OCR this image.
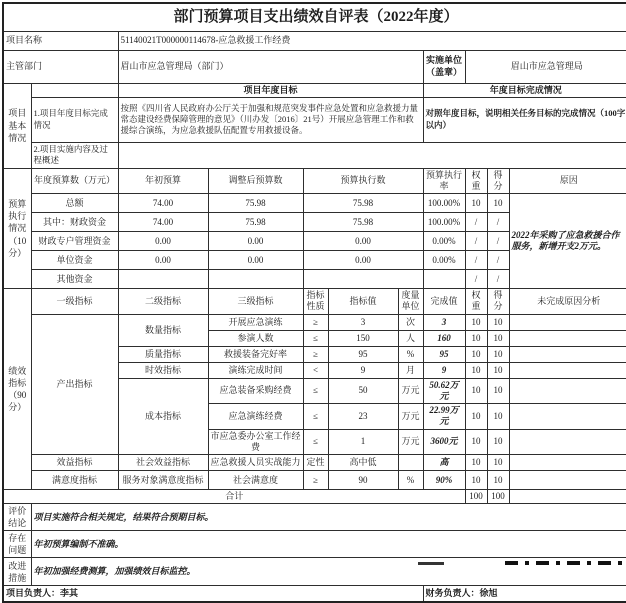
部门预算项目支出绩效自评表（2022年度）										
项目名称		51140021T000000114678-应急救援工作经费								
主管部门		眉山市应急管理局（部门）					实施单位（盖章）	眉山市应急管理局		
项目基本情况		项目年度目标					年度目标完成情况			
	1.项目年度目标完成情况	按照《四川省人民政府办公厅关于加强和规范突发事件应急处置和应急救援力量常态建设经费保障管理的意见》（川办发〔2016〕21号）开展应急管理工作和救援综合演练，为应急救援队伍配置专用救援设备。					对照年度目标，说明相关任务目标的完成情况（100字以内）			
	2.项目实施内容及过程概述									
预算执行情况（10分）	年度预算数（万元）	年初预算	调整后预算数	预算执行数			预算执行率	权重	得分	原因
	总额	74.00	75.98	75.98			100.00%	10	10	2022年采购了应急救援合作服务，新增开支2万元。
	其中：财政资金	74.00	75.98	75.98			100.00%	/	/	
	财政专户管理资金	0.00	0.00	0.00			0.00%	/	/	
	单位资金	0.00	0.00	0.00			0.00%	/	/	
	其他资金							/	/	
绩效指标（90分）	一级指标	二级指标	三级指标	指标性质	指标值	度量单位	完成值	权重	得分	未完成原因分析
	产出指标	数量指标	开展应急演练	≥	3	次	3	10	10	
			参演人数	≤	150	人	160	10	10	
		质量指标	救援装备完好率	≥	95	%	95	10	10	
		时效指标	演练完成时间	<	9	月	9	10	10	
		成本指标	应急装备采购经费	≤	50	万元	50.62万元	10	10	
			应急演练经费	≤	23	万元	22.99万元	10	10	
			市应急委办公室工作经费	≤	1	万元	3600元	10	10	
	效益指标	社会效益指标	应急救援人员实战能力	定性	高中低		高	10	10	
	满意度指标	服务对象满意度指标	社会满意度	≥	90	%	90%	10	10	
合计								100	100	
评价结论	项目实施符合相关规定，结果符合预期目标。									
存在问题	年初预算编制不准确。									
改进措施	年初加强经费测算，加强绩效目标监控。									
项目负责人：李其							财务负责人：徐旭			
